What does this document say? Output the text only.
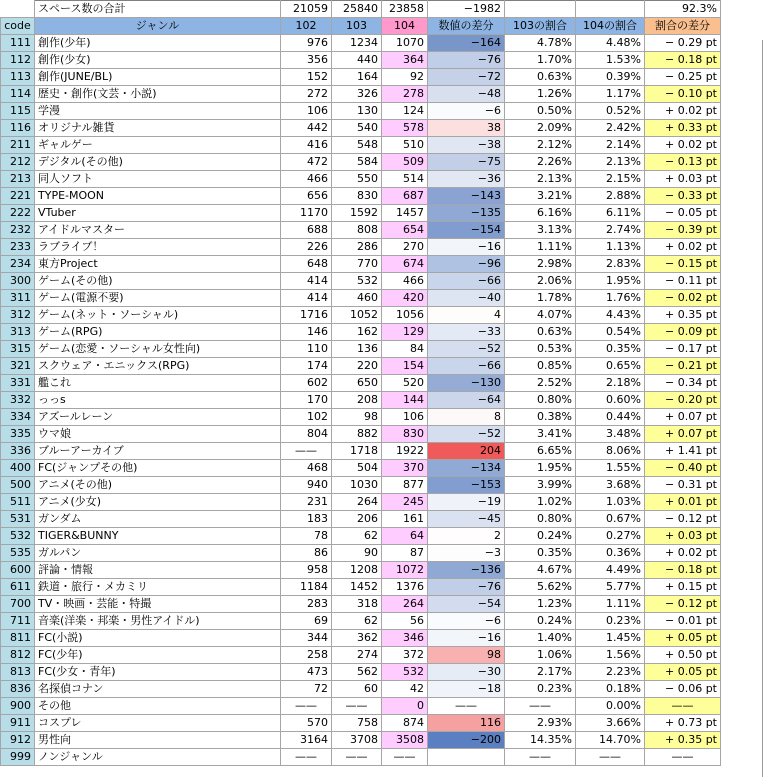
	スペース数の合計	21059	25840	23858	−1982			92.3%
code	ジャンル	102	103	104	数値の差分	103の割合	104の割合	割合の差分
111	創作(少年)	976	1234	1070	−164	4.78%	4.48%	− 0.29 pt
112	創作(少女)	356	440	364	−76	1.70%	1.53%	− 0.18 pt
113	創作(JUNE/BL)	152	164	92	−72	0.63%	0.39%	− 0.25 pt
114	歴史・創作(文芸・小説)	272	326	278	−48	1.26%	1.17%	− 0.10 pt
115	学漫	106	130	124	−6	0.50%	0.52%	+ 0.02 pt
116	オリジナル雑貨	442	540	578	38	2.09%	2.42%	+ 0.33 pt
211	ギャルゲー	416	548	510	−38	2.12%	2.14%	+ 0.02 pt
212	デジタル(その他)	472	584	509	−75	2.26%	2.13%	− 0.13 pt
213	同人ソフト	466	550	514	−36	2.13%	2.15%	+ 0.03 pt
221	TYPE-MOON	656	830	687	−143	3.21%	2.88%	− 0.33 pt
222	VTuber	1170	1592	1457	−135	6.16%	6.11%	− 0.05 pt
232	アイドルマスター	688	808	654	−154	3.13%	2.74%	− 0.39 pt
233	ラブライブ！	226	286	270	−16	1.11%	1.13%	+ 0.02 pt
234	東方Project	648	770	674	−96	2.98%	2.83%	− 0.15 pt
300	ゲーム(その他)	414	532	466	−66	2.06%	1.95%	− 0.11 pt
311	ゲーム(電源不要)	414	460	420	−40	1.78%	1.76%	− 0.02 pt
312	ゲーム(ネット・ソーシャル)	1716	1052	1056	4	4.07%	4.43%	+ 0.35 pt
313	ゲーム(RPG)	146	162	129	−33	0.63%	0.54%	− 0.09 pt
315	ゲーム(恋愛・ソーシャル女性向)	110	136	84	−52	0.53%	0.35%	− 0.17 pt
321	スクウェア・エニックス(RPG)	174	220	154	−66	0.85%	0.65%	− 0.21 pt
331	艦これ	602	650	520	−130	2.52%	2.18%	− 0.34 pt
332	っっs	170	208	144	−64	0.80%	0.60%	− 0.20 pt
334	アズールレーン	102	98	106	8	0.38%	0.44%	+ 0.07 pt
335	ウマ娘	804	882	830	−52	3.41%	3.48%	+ 0.07 pt
336	ブルーアーカイブ	——	1718	1922	204	6.65%	8.06%	+ 1.41 pt
400	FC(ジャンプその他)	468	504	370	−134	1.95%	1.55%	− 0.40 pt
500	アニメ(その他)	940	1030	877	−153	3.99%	3.68%	− 0.31 pt
511	アニメ(少女)	231	264	245	−19	1.02%	1.03%	+ 0.01 pt
531	ガンダム	183	206	161	−45	0.80%	0.67%	− 0.12 pt
532	TIGER&BUNNY	78	62	64	2	0.24%	0.27%	+ 0.03 pt
535	ガルパン	86	90	87	−3	0.35%	0.36%	+ 0.02 pt
600	評論・情報	958	1208	1072	−136	4.67%	4.49%	− 0.18 pt
611	鉄道・旅行・メカミリ	1184	1452	1376	−76	5.62%	5.77%	+ 0.15 pt
700	TV・映画・芸能・特撮	283	318	264	−54	1.23%	1.11%	− 0.12 pt
711	音楽(洋楽・邦楽・男性アイドル)	69	62	56	−6	0.24%	0.23%	− 0.01 pt
811	FC(小説)	344	362	346	−16	1.40%	1.45%	+ 0.05 pt
812	FC(少年)	258	274	372	98	1.06%	1.56%	+ 0.50 pt
813	FC(少女・青年)	473	562	532	−30	2.17%	2.23%	+ 0.05 pt
836	名探偵コナン	72	60	42	−18	0.23%	0.18%	− 0.06 pt
900	その他	——	——	0	——	——	0.00%	——
911	コスプレ	570	758	874	116	2.93%	3.66%	+ 0.73 pt
912	男性向	3164	3708	3508	−200	14.35%	14.70%	+ 0.35 pt
999	ノンジャンル	——	——	——		——	——	——
